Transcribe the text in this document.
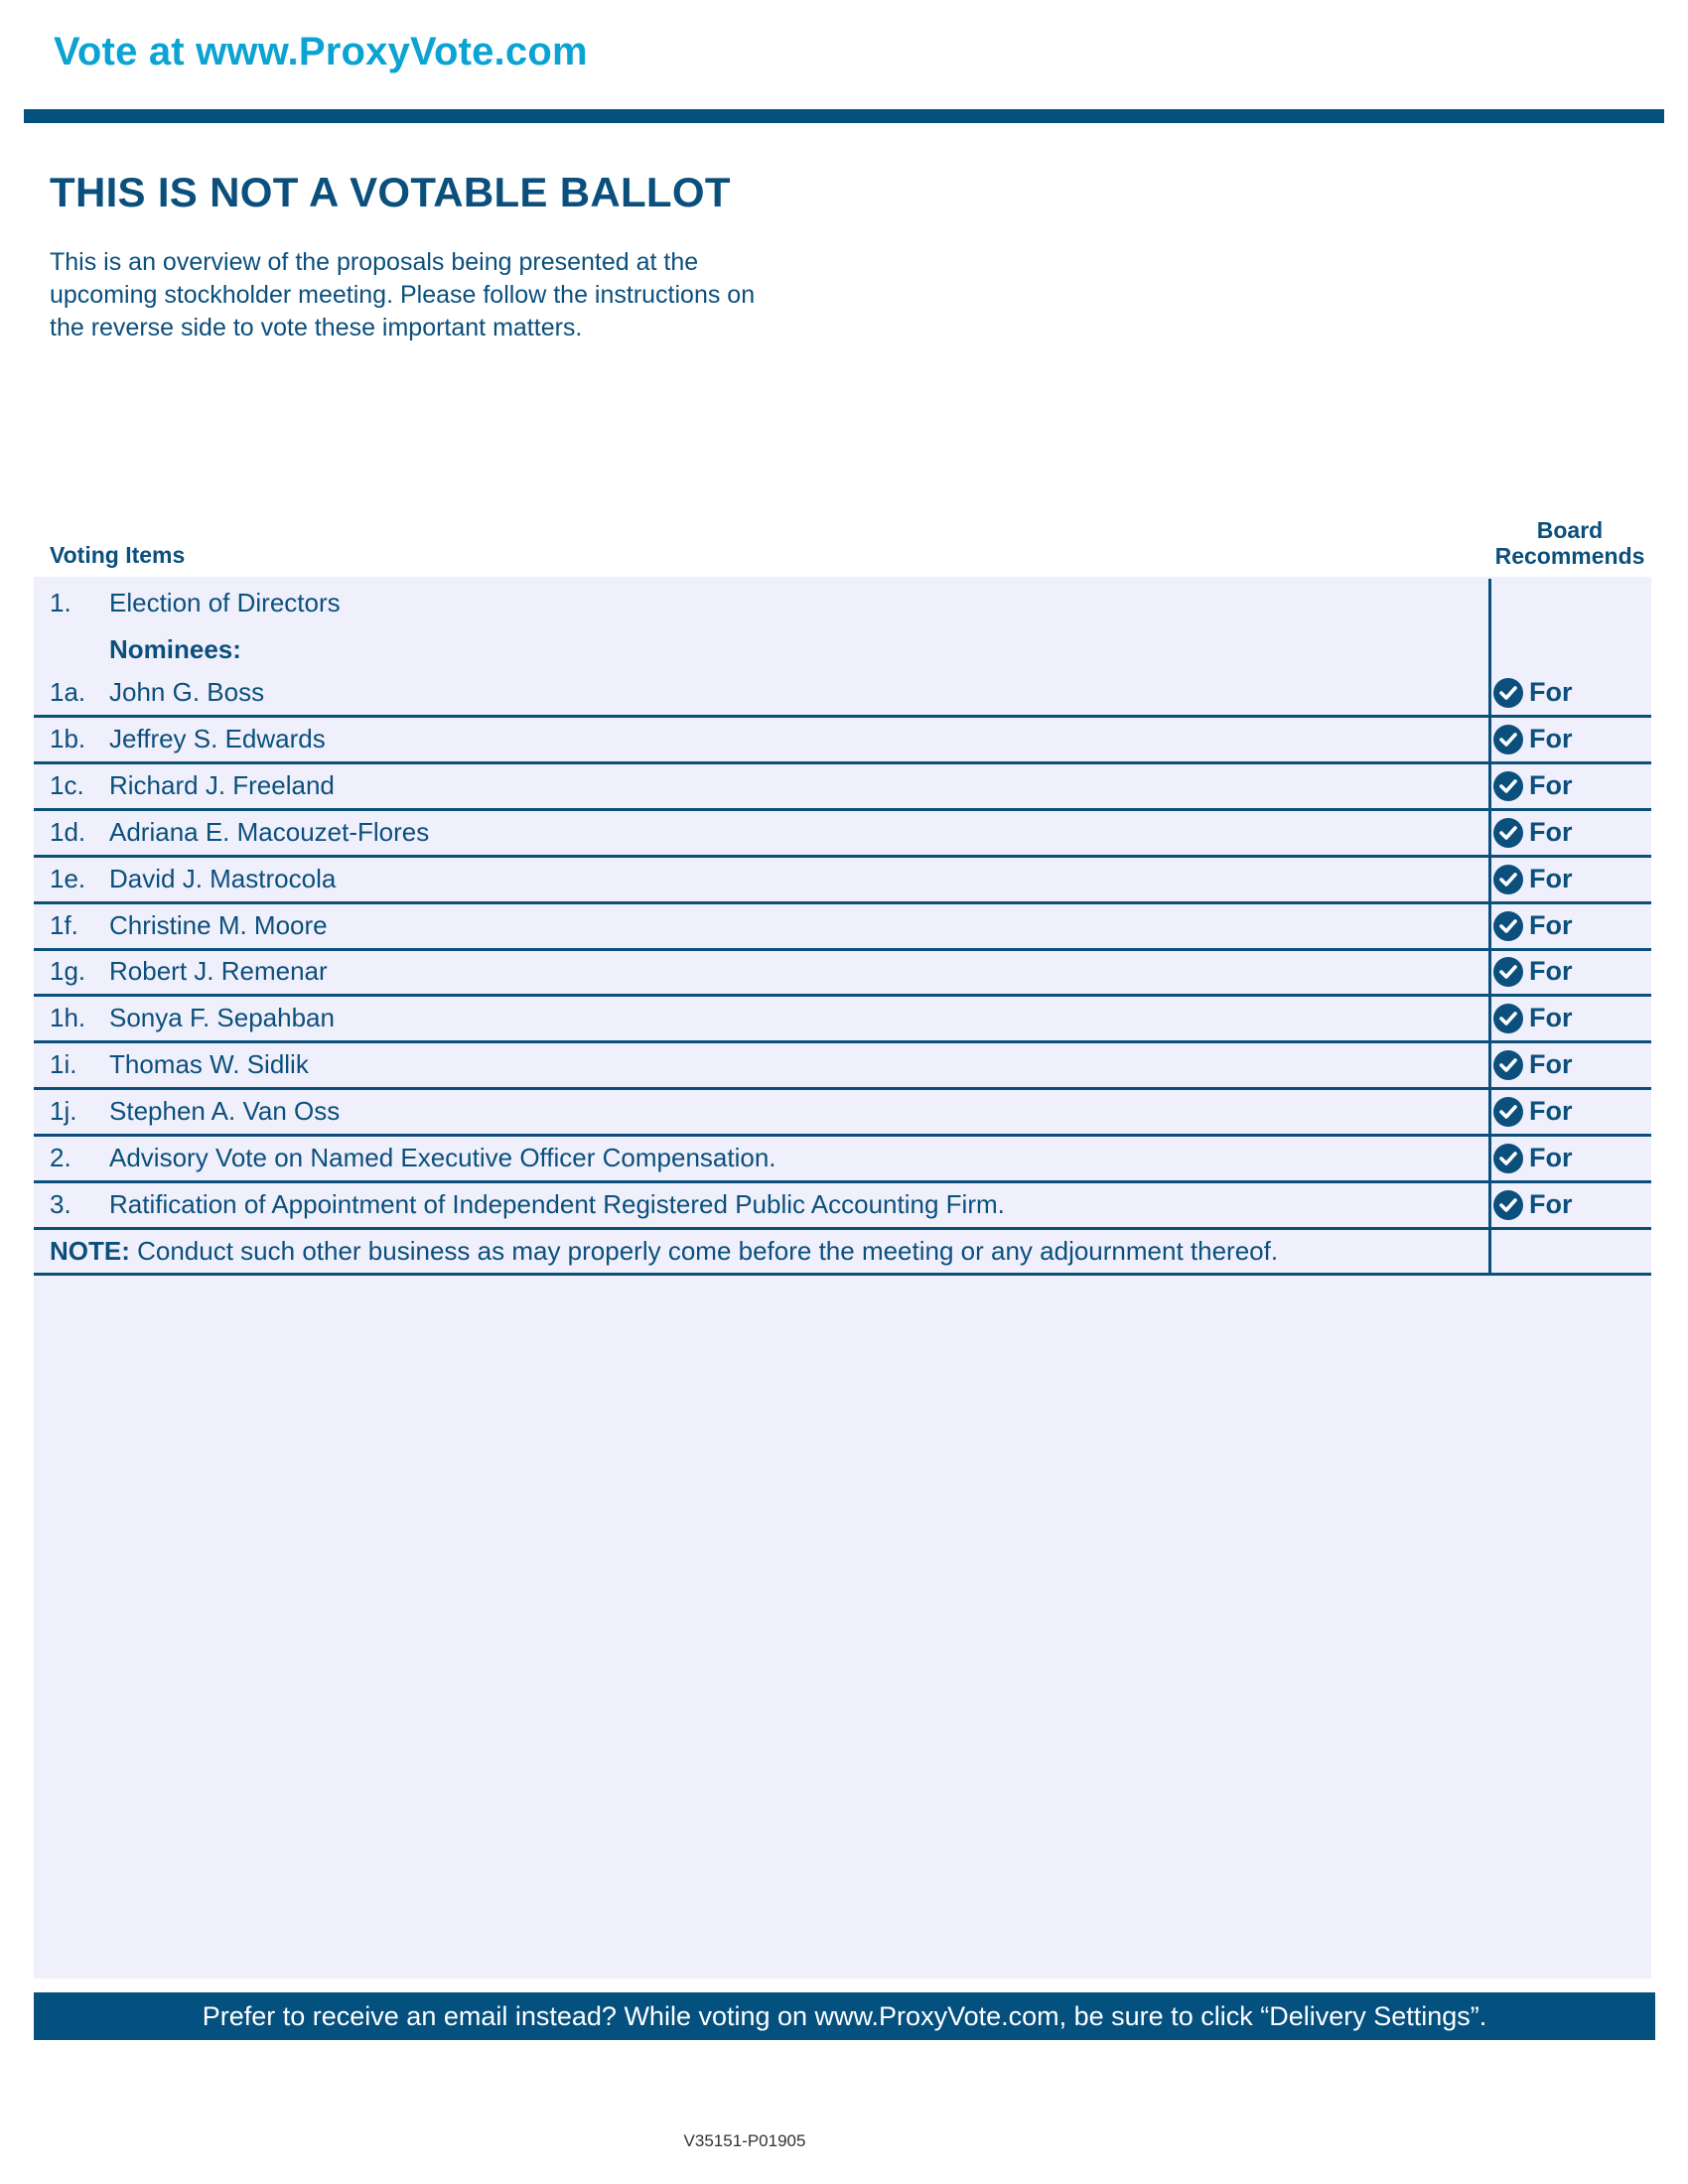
Vote at www.ProxyVote.com
THIS IS NOT A VOTABLE BALLOT
This is an overview of the proposals being presented at the
upcoming stockholder meeting. Please follow the instructions on
the reverse side to vote these important matters.
Voting Items
Board
Recommends
1. Election of Directors
Nominees:
1a. John G. Boss	For
1b. Jeffrey S. Edwards	For
1c. Richard J. Freeland	For
1d. Adriana E. Macouzet-Flores	For
1e. David J. Mastrocola	For
1f. Christine M. Moore	For
1g. Robert J. Remenar	For
1h. Sonya F. Sepahban	For
1i. Thomas W. Sidlik	For
1j. Stephen A. Van Oss	For
2. Advisory Vote on Named Executive Officer Compensation.	For
3. Ratification of Appointment of Independent Registered Public Accounting Firm.	For
NOTE: Conduct such other business as may properly come before the meeting or any adjournment thereof.
Prefer to receive an email instead? While voting on www.ProxyVote.com, be sure to click “Delivery Settings”.
V35151-P01905
